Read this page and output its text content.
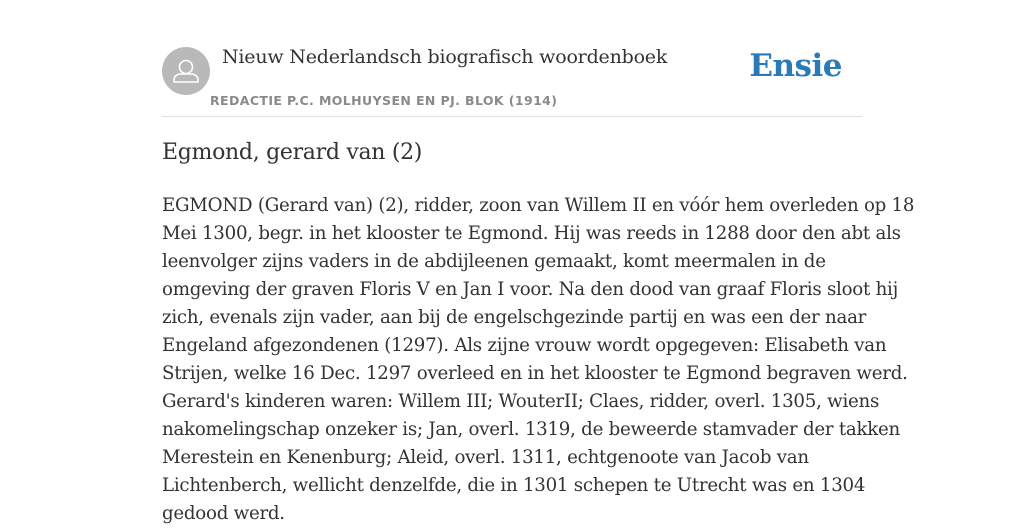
Nieuw Nederlandsch biografisch woordenboek
REDACTIE P.C. MOLHUYSEN EN PJ. BLOK (1914)
Ensie
Egmond, gerard van (2)
EGMOND (Gerard van) (2), ridder, zoon van Willem II en vóór hem overleden op 18
Mei 1300, begr. in het klooster te Egmond. Hij was reeds in 1288 door den abt als
leenvolger zijns vaders in de abdijleenen gemaakt, komt meermalen in de
omgeving der graven Floris V en Jan I voor. Na den dood van graaf Floris sloot hij
zich, evenals zijn vader, aan bij de engelschgezinde partij en was een der naar
Engeland afgezondenen (1297). Als zijne vrouw wordt opgegeven: Elisabeth van
Strijen, welke 16 Dec. 1297 overleed en in het klooster te Egmond begraven werd.
Gerard's kinderen waren: Willem III; WouterII; Claes, ridder, overl. 1305, wiens
nakomelingschap onzeker is; Jan, overl. 1319, de beweerde stamvader der takken
Merestein en Kenenburg; Aleid, overl. 1311, echtgenoote van Jacob van
Lichtenberch, wellicht denzelfde, die in 1301 schepen te Utrecht was en 1304
gedood werd.
